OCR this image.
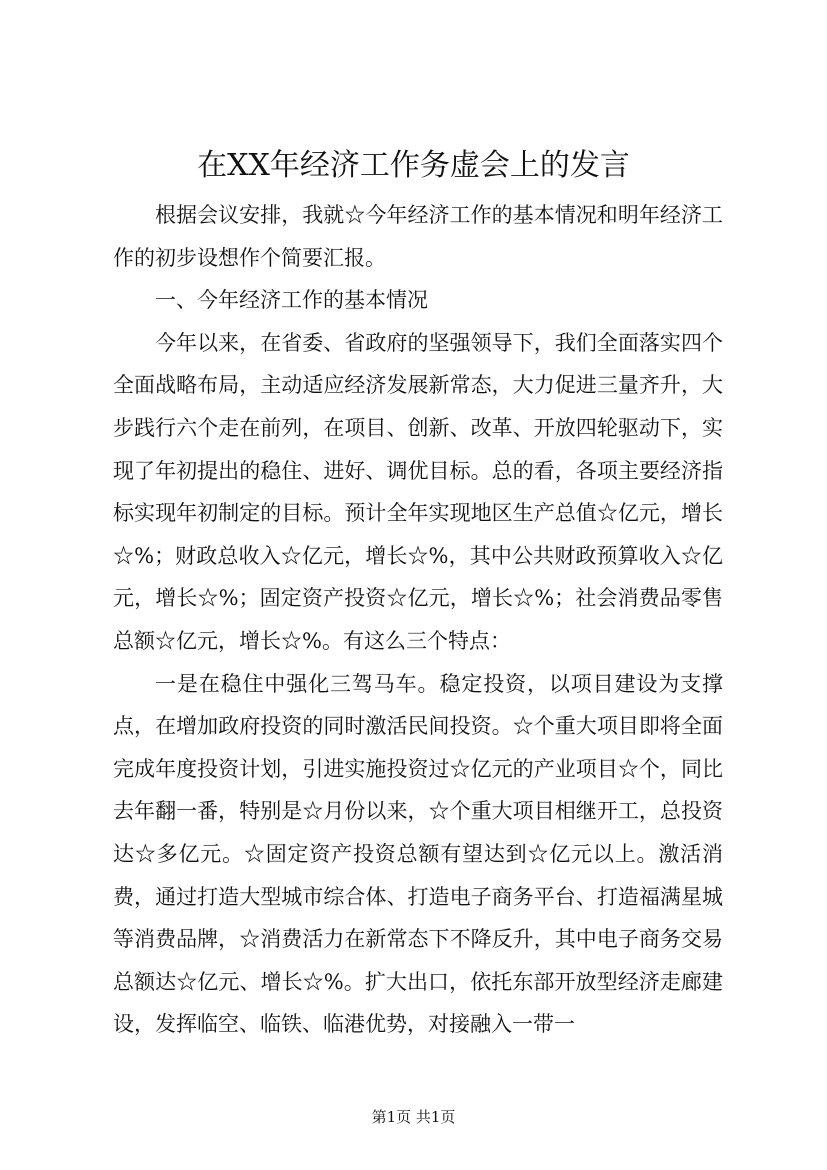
在XX年经济工作务虚会上的发言

根据会议安排，我就☆今年经济工作的基本情况和明年经济工作的初步设想作个简要汇报。

一、今年经济工作的基本情况

今年以来，在省委、省政府的坚强领导下，我们全面落实四个全面战略布局，主动适应经济发展新常态，大力促进三量齐升，大步践行六个走在前列，在项目、创新、改革、开放四轮驱动下，实现了年初提出的稳住、进好、调优目标。总的看，各项主要经济指标实现年初制定的目标。预计全年实现地区生产总值☆亿元，增长☆%；财政总收入☆亿元，增长☆%，其中公共财政预算收入☆亿元，增长☆%；固定资产投资☆亿元，增长☆%；社会消费品零售总额☆亿元，增长☆%。有这么三个特点：

一是在稳住中强化三驾马车。稳定投资，以项目建设为支撑点，在增加政府投资的同时激活民间投资。☆个重大项目即将全面完成年度投资计划，引进实施投资过☆亿元的产业项目☆个，同比去年翻一番，特别是☆月份以来，☆个重大项目相继开工，总投资达☆多亿元。☆固定资产投资总额有望达到☆亿元以上。激活消费，通过打造大型城市综合体、打造电子商务平台、打造福满星城等消费品牌，☆消费活力在新常态下不降反升，其中电子商务交易总额达☆亿元、增长☆%。扩大出口，依托东部开放型经济走廊建设，发挥临空、临铁、临港优势，对接融入一带一

第1页 共1页
